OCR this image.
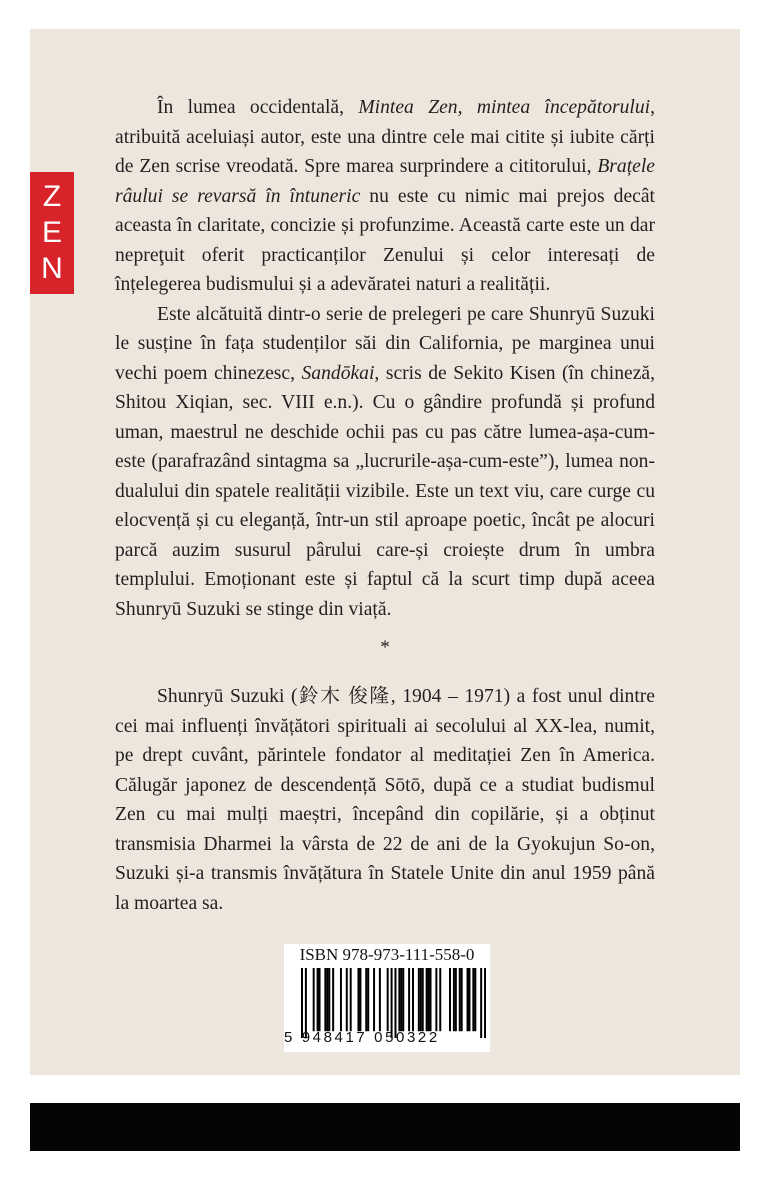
ZEN

În lumea occidentală, Mintea Zen, mintea începătorului, atribuită aceluiași autor, este una dintre cele mai citite și iubite cărți de Zen scrise vreodată. Spre marea surprindere a cititorului, Brațele râului se revarsă în întuneric nu este cu nimic mai prejos decât aceasta în claritate, concizie și profunzime. Această carte este un dar nepreţuit oferit practicanților Zenului și celor interesați de înțelegerea budismului și a adevăratei naturi a realității.

Este alcătuită dintr-o serie de prelegeri pe care Shunryū Suzuki le susține în fața studenților săi din California, pe marginea unui vechi poem chinezesc, Sandōkai, scris de Sekito Kisen (în chineză, Shitou Xiqian, sec. VIII e.n.). Cu o gândire profundă și profund uman, maestrul ne deschide ochii pas cu pas către lumea-așa-cum-este (parafrazând sintagma sa „lucrurile-așa-cum-este”), lumea non-dualului din spatele realității vizibile. Este un text viu, care curge cu elocvență și cu eleganță, într-un stil aproape poetic, încât pe alocuri parcă auzim susurul pârului care-și croiește drum în umbra templului. Emoționant este și faptul că la scurt timp după aceea Shunryū Suzuki se stinge din viață.

*

Shunryū Suzuki (鈴木 俊隆, 1904 – 1971) a fost unul dintre cei mai influenți învățători spirituali ai secolului al XX-lea, numit, pe drept cuvânt, părintele fondator al meditației Zen în America. Călugăr japonez de descendență Sōtō, după ce a studiat budismul Zen cu mai mulți maeștri, începând din copilărie, și a obținut transmisia Dharmei la vârsta de 22 de ani de la Gyokujun So-on, Suzuki și-a transmis învățătura în Statele Unite din anul 1959 până la moartea sa.

ISBN 978-973-111-558-0
5 948417 050322
